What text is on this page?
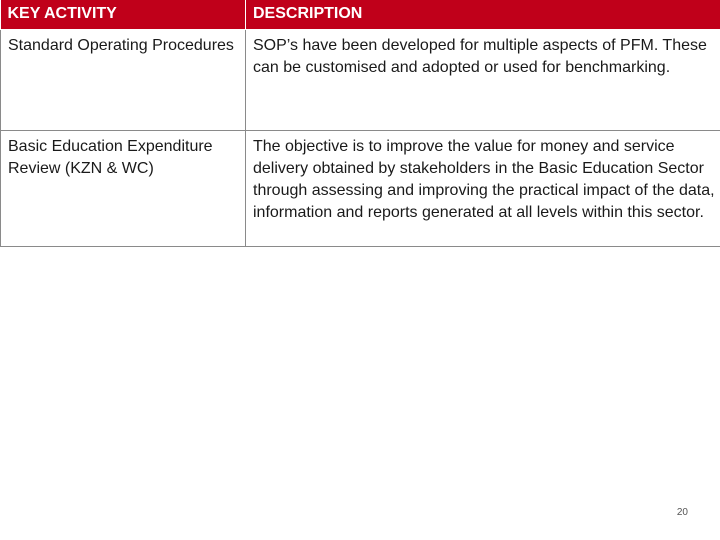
KEY ACTIVITY	DESCRIPTION
Standard Operating Procedures	SOP’s have been developed for multiple aspects of PFM. These can be customised and adopted or used for benchmarking.
Basic Education Expenditure Review (KZN & WC)	The objective is to improve the value for money and service delivery obtained by stakeholders in the Basic Education Sector through assessing and improving the practical impact of the data, information and reports generated at all levels within this sector.
20
